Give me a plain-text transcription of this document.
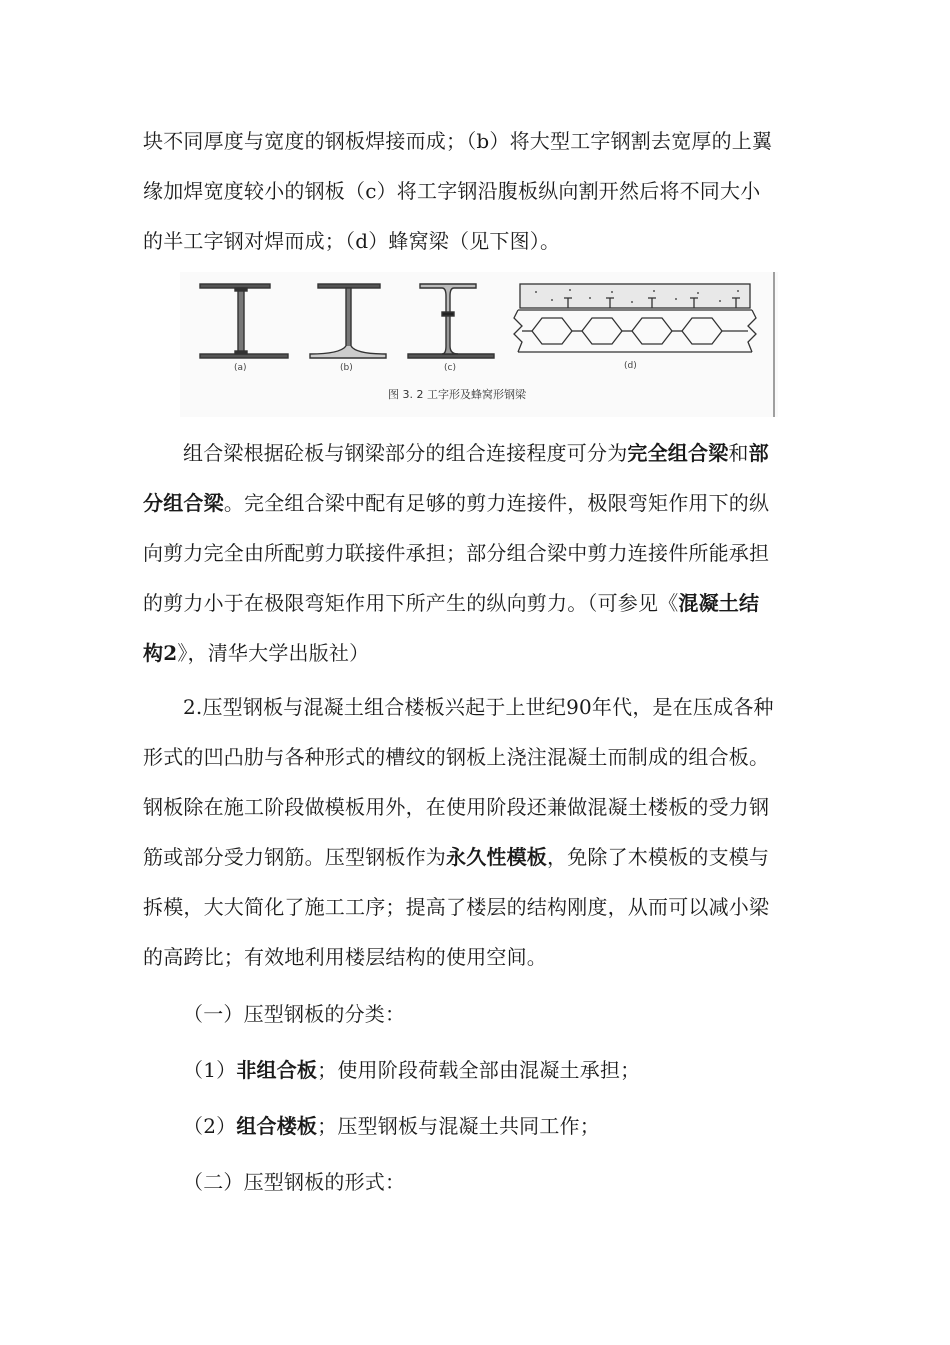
块不同厚度与宽度的钢板焊接而成；（b）将大型工字钢割去宽厚的上翼
缘加焊宽度较小的钢板（c）将工字钢沿腹板纵向割开然后将不同大小
的半工字钢对焊而成；（d）蜂窝梁（见下图）。
(a)	(b)	(c)	(d)
图 3. 2 工字形及蜂窝形钢梁
组合梁根据砼板与钢梁部分的组合连接程度可分为完全组合梁和部
分组合梁。完全组合梁中配有足够的剪力连接件，极限弯矩作用下的纵
向剪力完全由所配剪力联接件承担；部分组合梁中剪力连接件所能承担
的剪力小于在极限弯矩作用下所产生的纵向剪力。（可参见《混凝土结
构2》，清华大学出版社）
2.压型钢板与混凝土组合楼板兴起于上世纪90年代，是在压成各种
形式的凹凸肋与各种形式的槽纹的钢板上浇注混凝土而制成的组合板。
钢板除在施工阶段做模板用外，在使用阶段还兼做混凝土楼板的受力钢
筋或部分受力钢筋。压型钢板作为永久性模板，免除了木模板的支模与
拆模，大大简化了施工工序；提高了楼层的结构刚度，从而可以减小梁
的高跨比；有效地利用楼层结构的使用空间。
（一）压型钢板的分类：
（1）非组合板；使用阶段荷载全部由混凝土承担；
（2）组合楼板；压型钢板与混凝土共同工作；
（二）压型钢板的形式：
